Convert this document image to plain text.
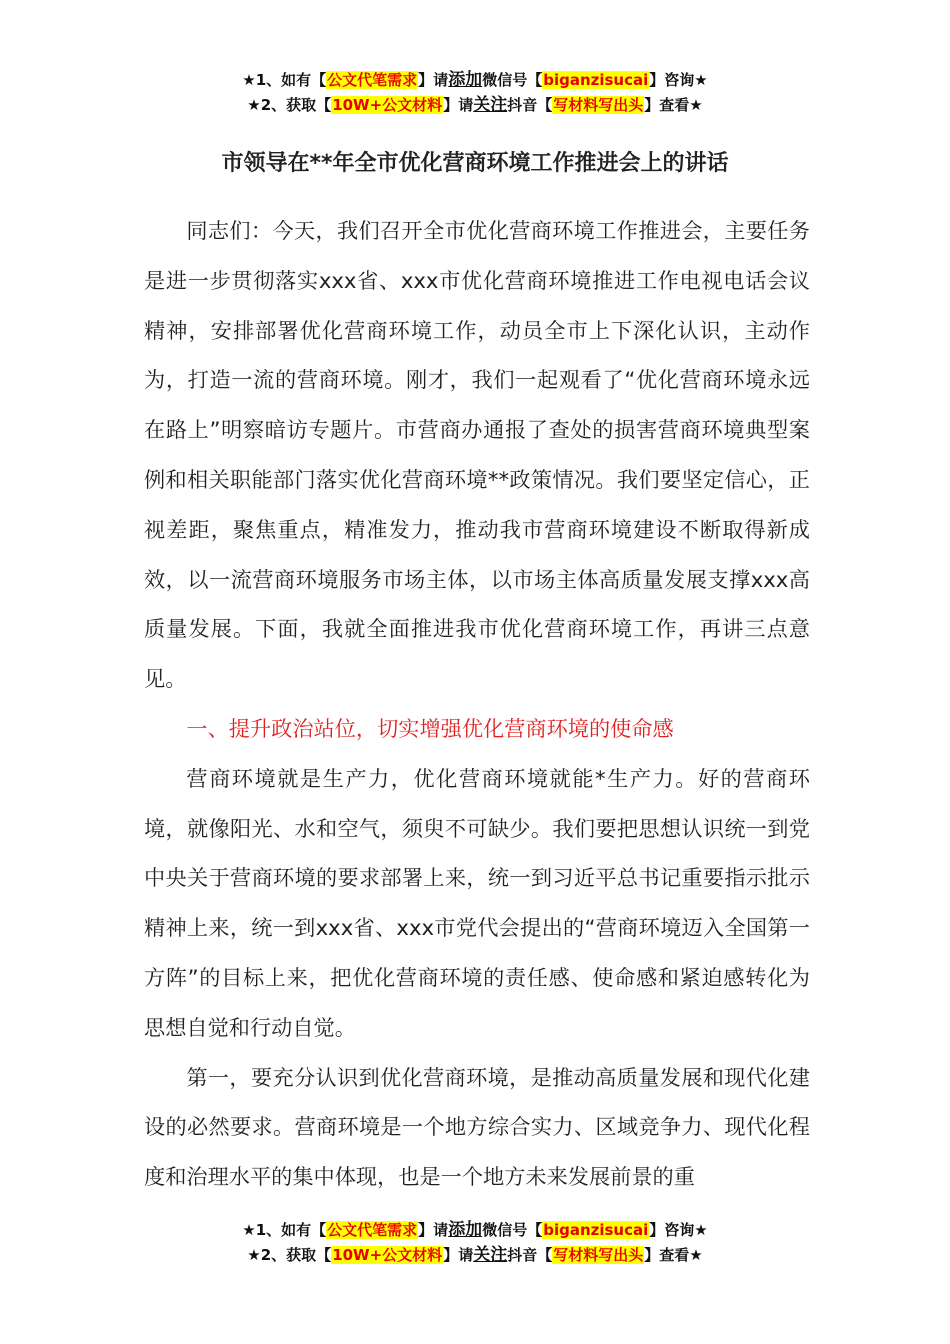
★1、如有【公文代笔需求】请添加微信号【biganzisucai】咨询★
★2、获取【10W+公文材料】请关注抖音【写材料写出头】查看★
市领导在**年全市优化营商环境工作推进会上的讲话

同志们：今天，我们召开全市优化营商环境工作推进会，主要任务是进一步贯彻落实xxx省、xxx市优化营商环境推进工作电视电话会议精神，安排部署优化营商环境工作，动员全市上下深化认识，主动作为，打造一流的营商环境。刚才，我们一起观看了“优化营商环境永远在路上”明察暗访专题片。市营商办通报了查处的损害营商环境典型案例和相关职能部门落实优化营商环境**政策情况。我们要坚定信心，正视差距，聚焦重点，精准发力，推动我市营商环境建设不断取得新成效，以一流营商环境服务市场主体，以市场主体高质量发展支撑xxx高质量发展。下面，我就全面推进我市优化营商环境工作，再讲三点意见。

一、提升政治站位，切实增强优化营商环境的使命感

营商环境就是生产力，优化营商环境就能*生产力。好的营商环境，就像阳光、水和空气，须臾不可缺少。我们要把思想认识统一到党中央关于营商环境的要求部署上来，统一到习近平总书记重要指示批示精神上来，统一到xxx省、xxx市党代会提出的“营商环境迈入全国第一方阵”的目标上来，把优化营商环境的责任感、使命感和紧迫感转化为思想自觉和行动自觉。

第一，要充分认识到优化营商环境，是推动高质量发展和现代化建设的必然要求。营商环境是一个地方综合实力、区域竞争力、现代化程度和治理水平的集中体现，也是一个地方未来发展前景的重

★1、如有【公文代笔需求】请添加微信号【biganzisucai】咨询★
★2、获取【10W+公文材料】请关注抖音【写材料写出头】查看★
